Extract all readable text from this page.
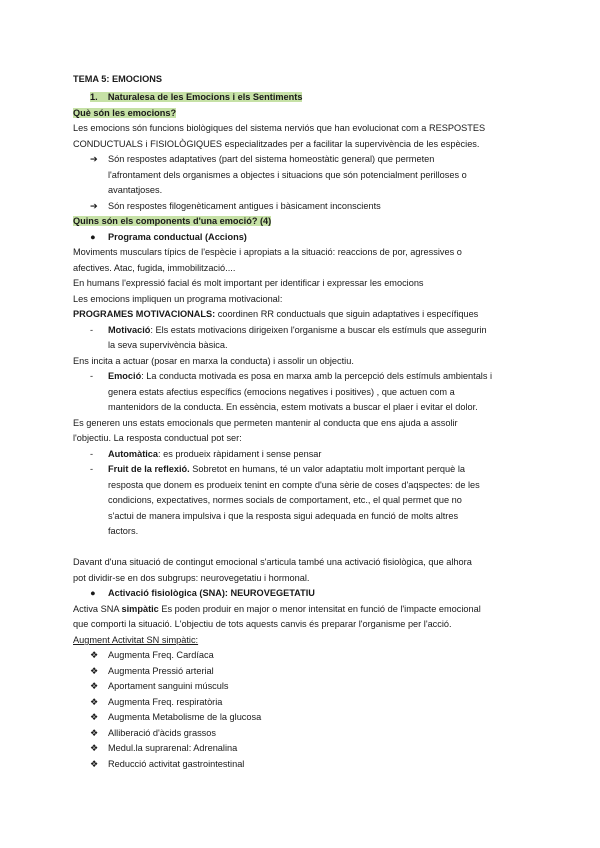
TEMA 5: EMOCIONS
1. Naturalesa de les Emocions i els Sentiments
Què són les emocions?
Les emocions són funcions biològiques del sistema nerviós que han evolucionat com a RESPOSTES
CONDUCTUALS i FISIOLÒGIQUES especialitzades per a facilitar la supervivència de les espècies.
➔ Són respostes adaptatives (part del sistema homeostàtic general) que permeten
l'afrontament dels organismes a objectes i situacions que són potencialment perilloses o
avantatjoses.
➔ Són respostes filogenèticament antigues i bàsicament inconscients
Quins són els components d'una emoció? (4)
● Programa conductual (Accions)
Moviments musculars típics de l'espècie i apropiats a la situació: reaccions de por, agressives o
afectives. Atac, fugida, immobilització....
En humans l'expressió facial és molt important per identificar i expressar les emocions
Les emocions impliquen un programa motivacional:
PROGRAMES MOTIVACIONALS: coordinen RR conductuals que siguin adaptatives i específiques
- Motivació: Els estats motivacions dirigeixen l'organisme a buscar els estímuls que assegurin
la seva supervivència bàsica.
Ens incita a actuar (posar en marxa la conducta) i assolir un objectiu.
- Emoció: La conducta motivada es posa en marxa amb la percepció dels estímuls ambientals i
genera estats afectius específics (emocions negatives i positives) , que actuen com a
mantenidors de la conducta. En essència, estem motivats a buscar el plaer i evitar el dolor.
Es generen uns estats emocionals que permeten mantenir al conducta que ens ajuda a assolir
l'objectiu. La resposta conductual pot ser:
- Automàtica: es produeix ràpidament i sense pensar
- Fruit de la reflexió. Sobretot en humans, té un valor adaptatiu molt important perquè la
resposta que donem es produeix tenint en compte d'una sèrie de coses d'aqspectes: de les
condicions, expectatives, normes socials de comportament, etc., el qual permet que no
s'actui de manera impulsiva i que la resposta sigui adequada en funció de molts altres
factors.
Davant d'una situació de contingut emocional s'articula també una activació fisiològica, que alhora
pot dividir-se en dos subgrups: neurovegetatiu i hormonal.
● Activació fisiològica (SNA): NEUROVEGETATIU
Activa SNA simpàtic Es poden produir en major o menor intensitat en funció de l'impacte emocional
que comporti la situació. L'objectiu de tots aquests canvis és preparar l'organisme per l'acció.
Augment Activitat SN simpàtic:
❖ Augmenta Freq. Cardíaca
❖ Augmenta Pressió arterial
❖ Aportament sanguini músculs
❖ Augmenta Freq. respiratòria
❖ Augmenta Metabolisme de la glucosa
❖ Alliberació d'àcids grassos
❖ Medul.la suprarenal: Adrenalina
❖ Reducció activitat gastrointestinal
